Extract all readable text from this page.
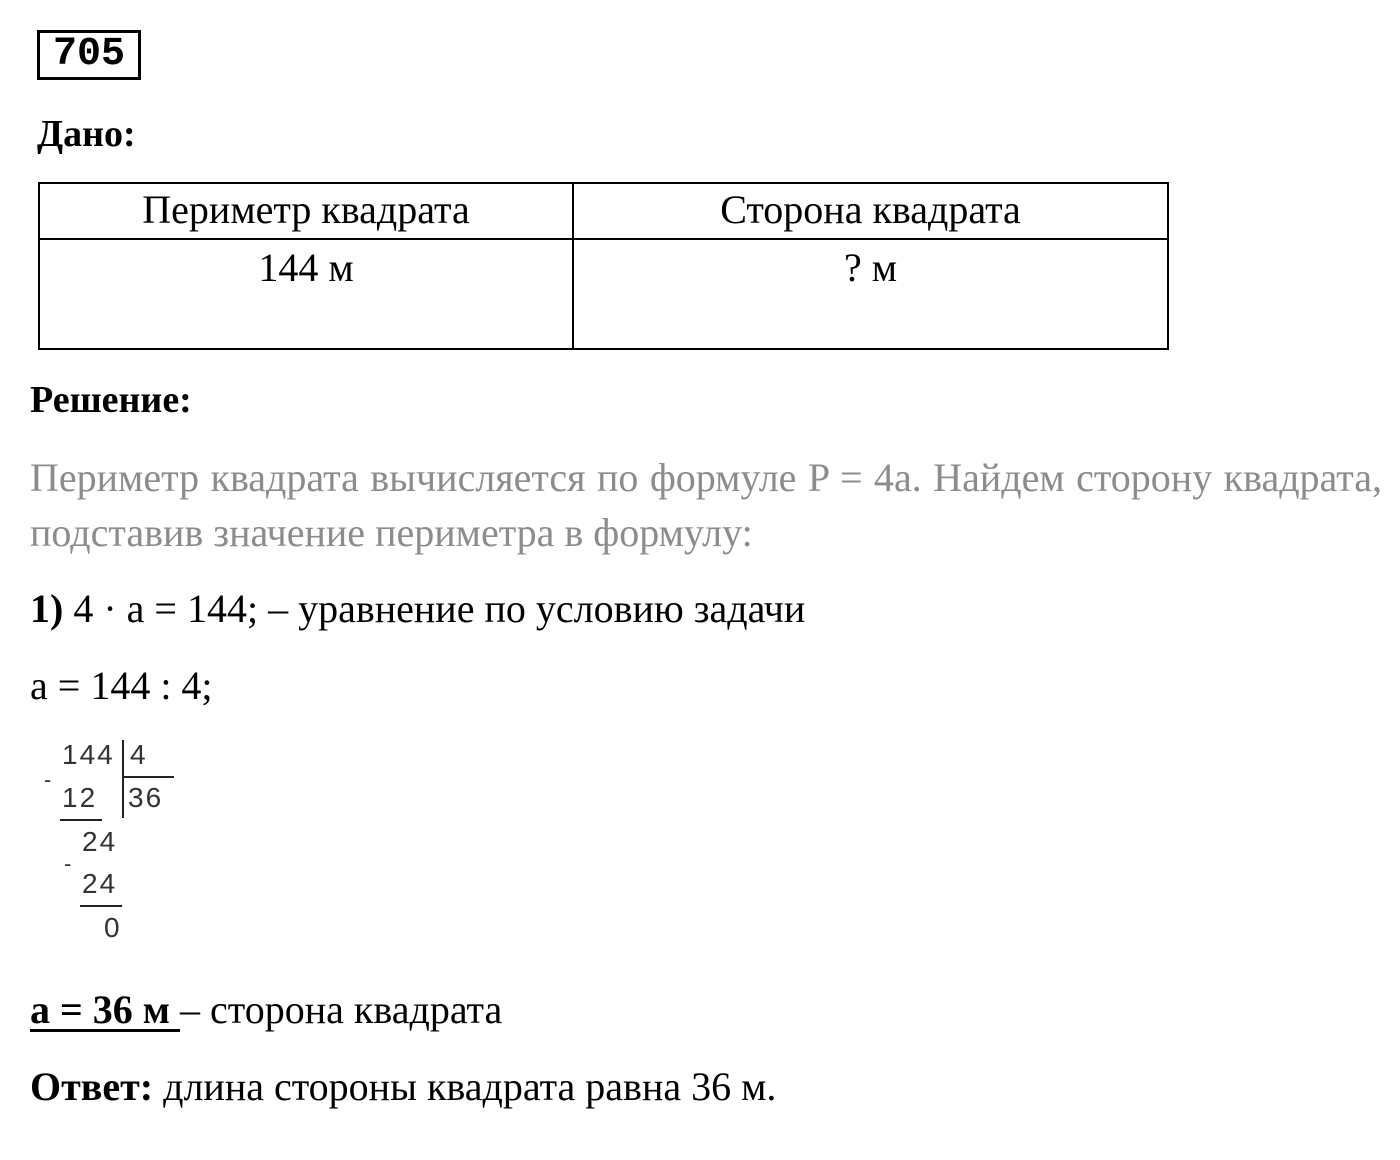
705
Дано:
Периметр квадрата	Сторона квадрата
144 м	? м
Решение:
Периметр квадрата вычисляется по формуле P = 4a. Найдем сторону квадрата, подставив значение периметра в формулу:
1) 4 · a = 144; – уравнение по условию задачи
a = 144 : 4;
144 4
-
12 36
24
-
24
0
a = 36 м – сторона квадрата
Ответ: длина стороны квадрата равна 36 м.
